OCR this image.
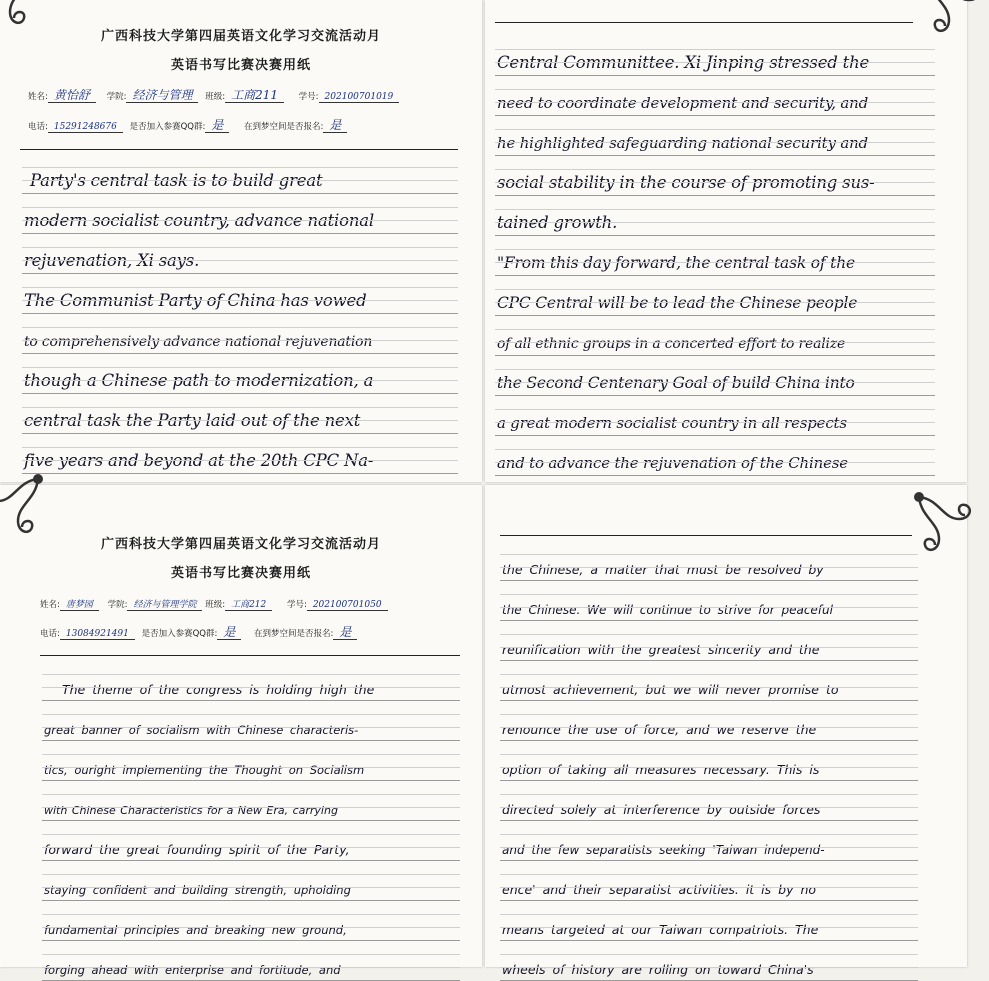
广西科技大学第四届英语文化学习交流活动月
英语书写比赛决赛用纸
姓名: 黄怡舒 学院: 经济与管理 班级: 工商211 学号: 202100701019
电话: 15291248676 是否加入参赛QQ群: 是 在到梦空间是否报名: 是
Party's central task is to build great
modern socialist country, advance national
rejuvenation, Xi says.
The Communist Party of China has vowed
to comprehensively advance national rejuvenation
though a Chinese path to modernization, a
central task the Party laid out of the next
five years and beyond at the 20th CPC Na-
Central Communittee. Xi Jinping stressed the
need to coordinate development and security, and
he highlighted safeguarding national security and
social stability in the course of promoting sus-
tained growth.
"From this day forward, the central task of the
CPC Central will be to lead the Chinese people
of all ethnic groups in a concerted effort to realize
the Second Centenary Goal of build China into
a great modern socialist country in all respects
and to advance the rejuvenation of the Chinese
广西科技大学第四届英语文化学习交流活动月
英语书写比赛决赛用纸
姓名: 唐梦园 学院: 经济与管理学院 班级: 工商212 学号: 202100701050
电话: 13084921491 是否加入参赛QQ群: 是 在到梦空间是否报名: 是
The theme of the congress is holding high the
great banner of socialism with Chinese characteris-
tics, ouright implementing the Thought on Socialism
with Chinese Characteristics for a New Era, carrying
forward the great founding spirit of the Party,
staying confident and building strength, upholding
fundamental principles and breaking new ground,
forging ahead with enterprise and fortitude, and
the Chinese, a matter that must be resolved by
the Chinese. We will continue to strive for peaceful
reunification with the greatest sincerity and the
utmost achievement, but we will never promise to
renounce the use of force, and we reserve the
option of taking all measures necessary. This is
directed solely at interference by outside forces
and the few separatists seeking 'Taiwan independ-
ence' and their separatist activities. it is by no
means targeted at our Taiwan compatriots. The
wheels of history are rolling on toward China's
